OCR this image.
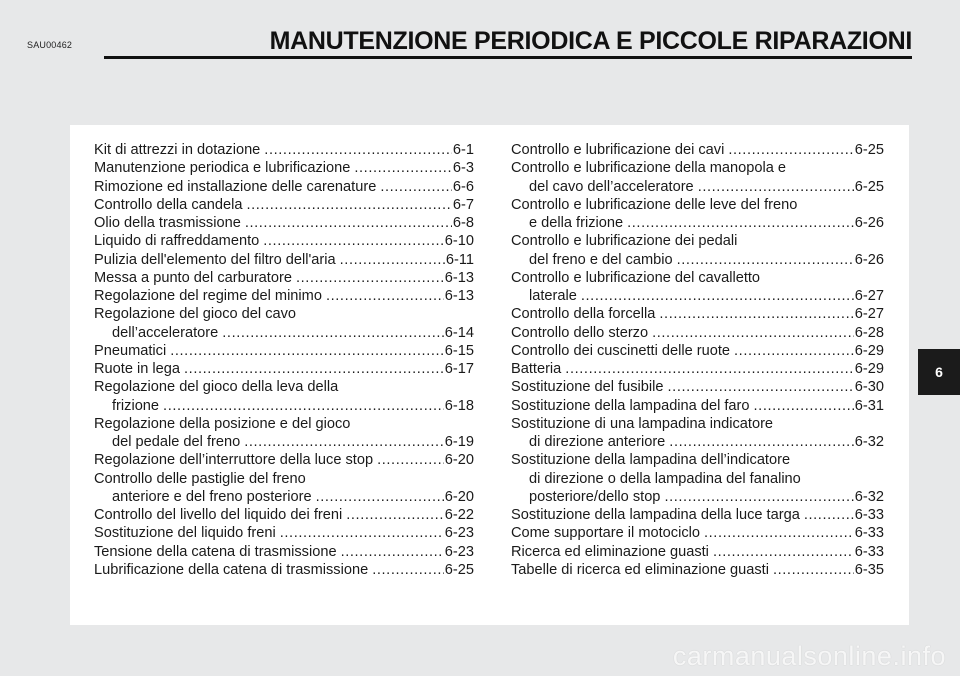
SAU00462	MANUTENZIONE PERIODICA E PICCOLE RIPARAZIONI
Kit di attrezzi in dotazione .....	6-1
Manutenzione periodica e lubrificazione .....	6-3
Rimozione ed installazione delle carenature .....	6-6
Controllo della candela .....	6-7
Olio della trasmissione .....	6-8
Liquido di raffreddamento .....	6-10
Pulizia dell'elemento del filtro dell'aria .....	6-11
Messa a punto del carburatore .....	6-13
Regolazione del regime del minimo .....	6-13
Regolazione del gioco del cavo
dell’acceleratore .....	6-14
Pneumatici .....	6-15
Ruote in lega .....	6-17
Regolazione del gioco della leva della
frizione .....	6-18
Regolazione della posizione e del gioco
del pedale del freno .....	6-19
Regolazione dell’interruttore della luce stop .....	6-20
Controllo delle pastiglie del freno
anteriore e del freno posteriore .....	6-20
Controllo del livello del liquido dei freni .....	6-22
Sostituzione del liquido freni .....	6-23
Tensione della catena di trasmissione .....	6-23
Lubrificazione della catena di trasmissione .....	6-25
Controllo e lubrificazione dei cavi .....	6-25
Controllo e lubrificazione della manopola e
del cavo dell’acceleratore .....	6-25
Controllo e lubrificazione delle leve del freno
e della frizione .....	6-26
Controllo e lubrificazione dei pedali
del freno e del cambio .....	6-26
Controllo e lubrificazione del cavalletto
laterale .....	6-27
Controllo della forcella .....	6-27
Controllo dello sterzo .....	6-28
Controllo dei cuscinetti delle ruote .....	6-29
Batteria .....	6-29
Sostituzione del fusibile .....	6-30
Sostituzione della lampadina del faro .....	6-31
Sostituzione di una lampadina indicatore
di direzione anteriore .....	6-32
Sostituzione della lampadina dell’indicatore
di direzione o della lampadina del fanalino
posteriore/dello stop .....	6-32
Sostituzione della lampadina della luce targa .....	6-33
Come supportare il motociclo .....	6-33
Ricerca ed eliminazione guasti .....	6-33
Tabelle di ricerca ed eliminazione guasti .....	6-35
6
carmanualsonline.info
